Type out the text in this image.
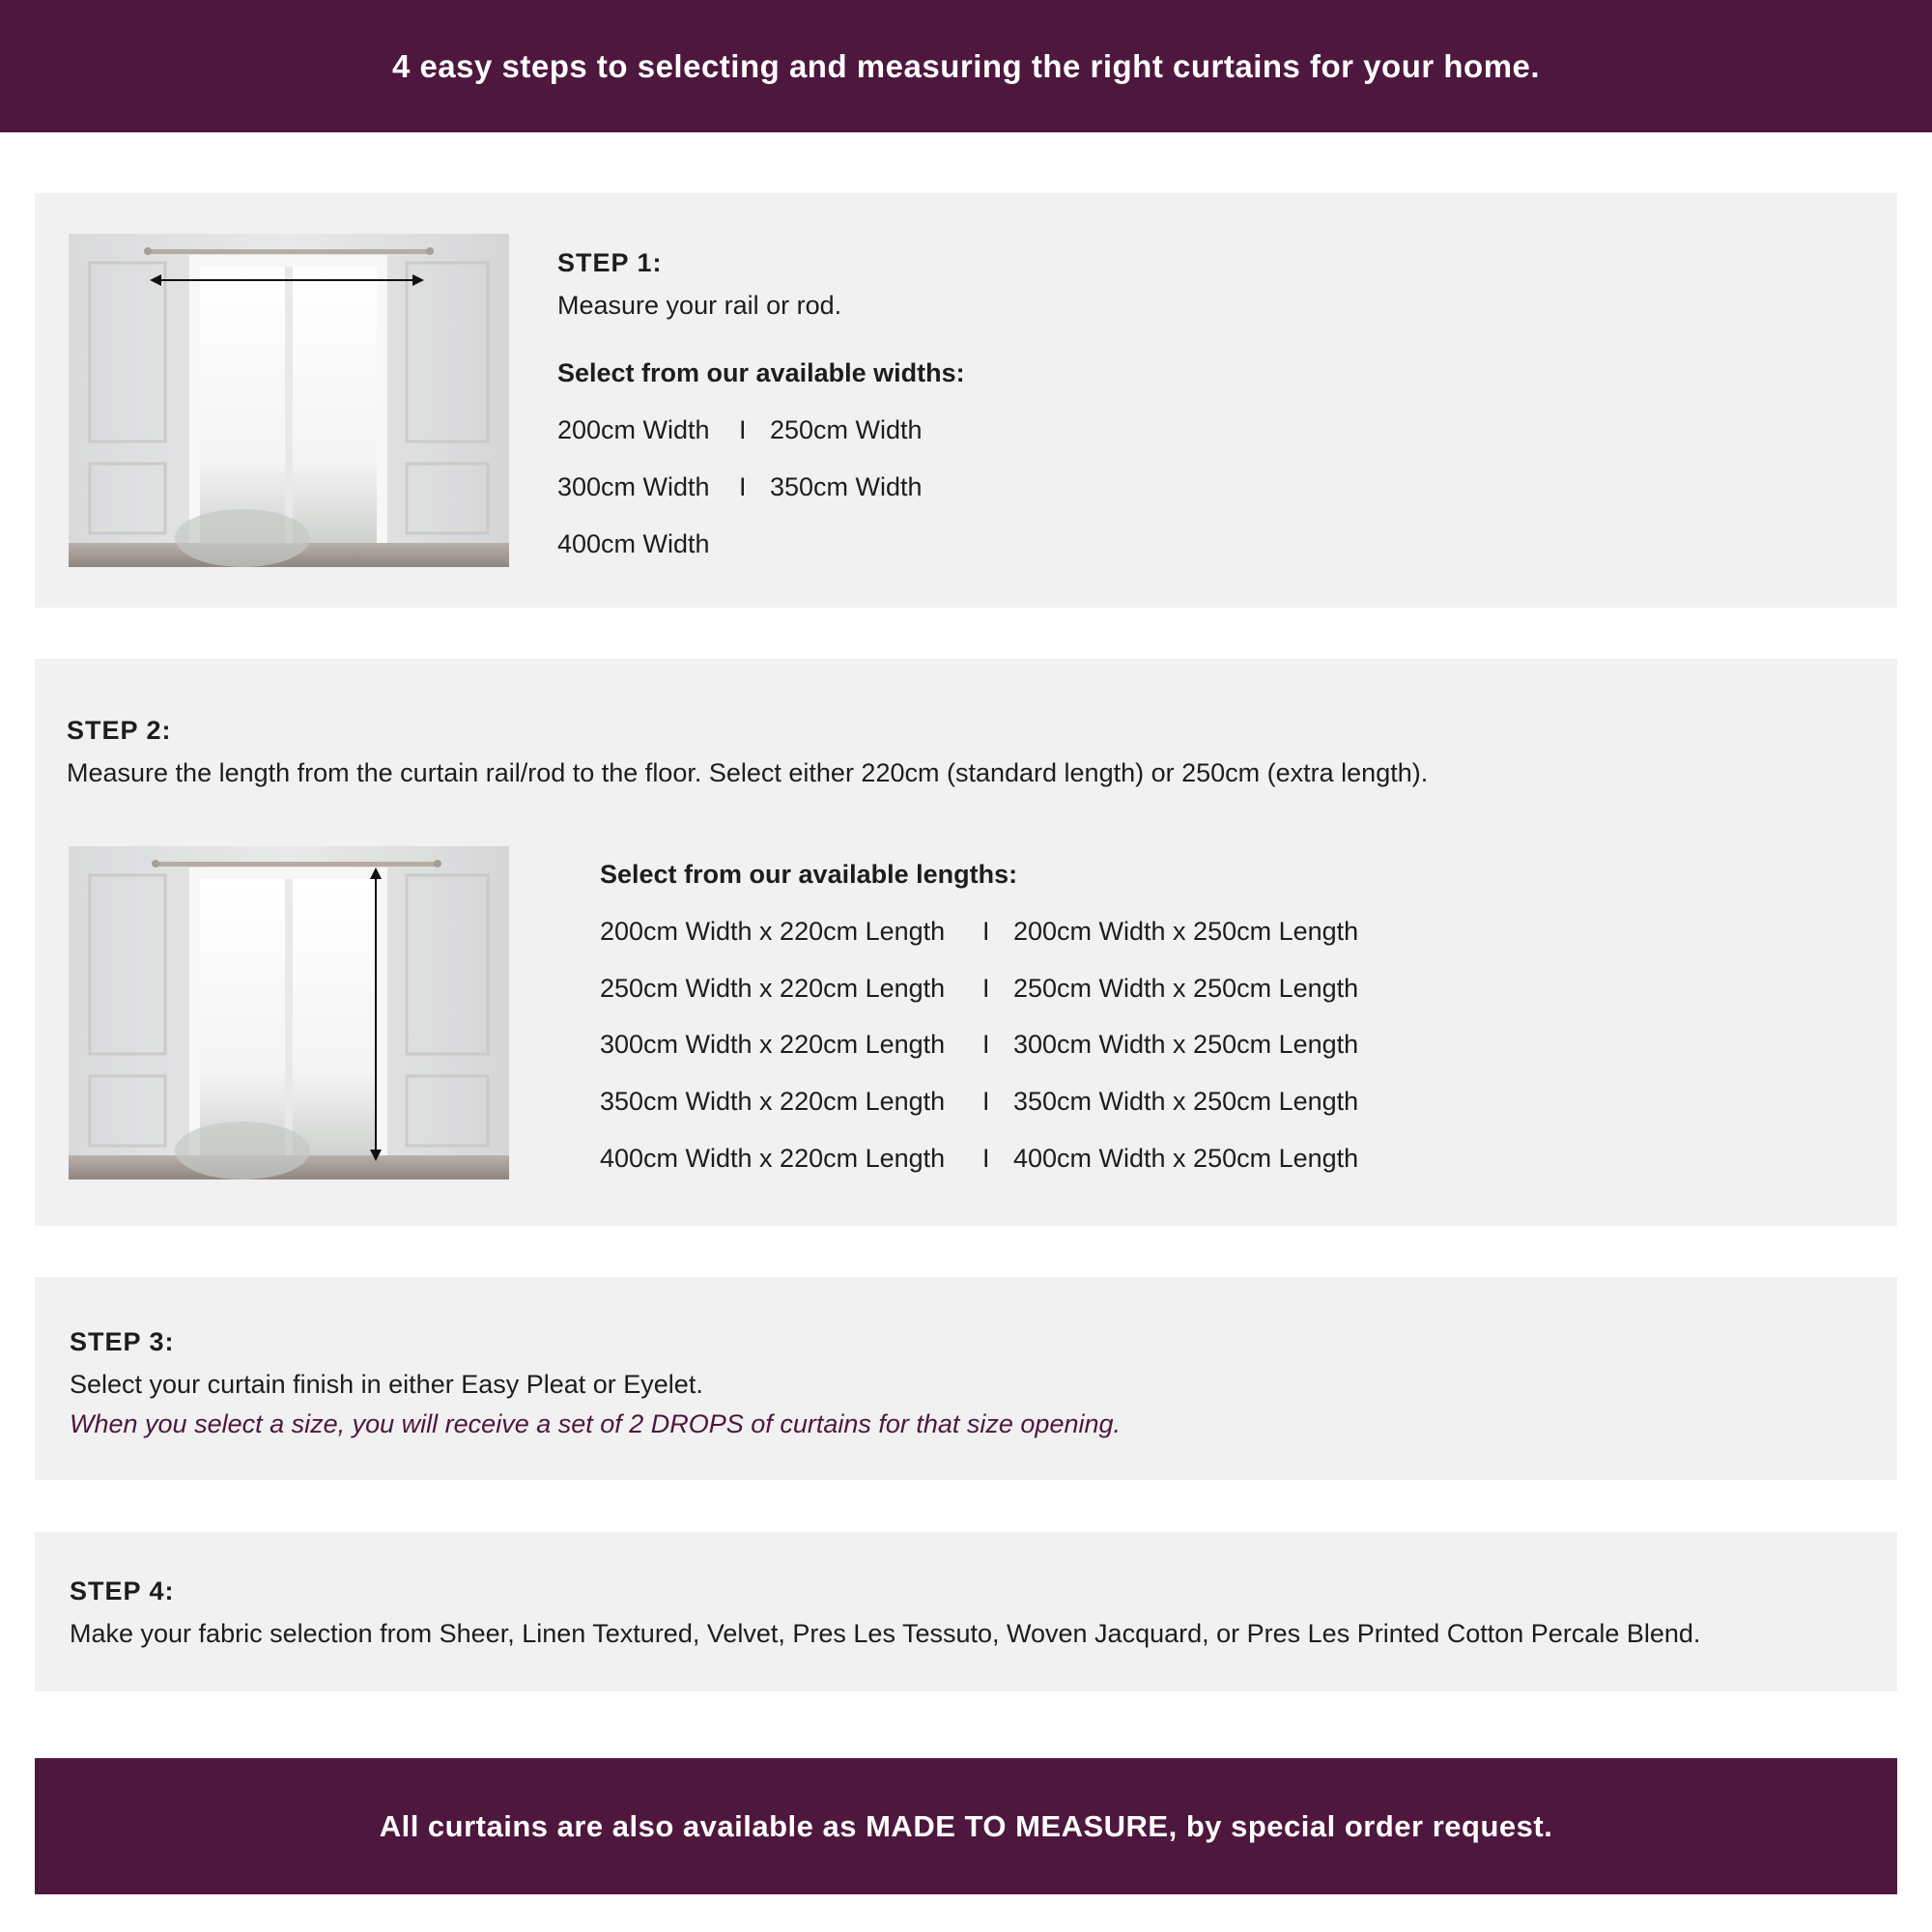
4 easy steps to selecting and measuring the right curtains for your home.
STEP 1:
Measure your rail or rod.
Select from our available widths:
200cm Width I 250cm Width
300cm Width I 350cm Width
400cm Width
STEP 2:
Measure the length from the curtain rail/rod to the floor. Select either 220cm (standard length) or 250cm (extra length).
Select from our available lengths:
200cm Width x 220cm Length I 200cm Width x 250cm Length
250cm Width x 220cm Length I 250cm Width x 250cm Length
300cm Width x 220cm Length I 300cm Width x 250cm Length
350cm Width x 220cm Length I 350cm Width x 250cm Length
400cm Width x 220cm Length I 400cm Width x 250cm Length
STEP 3:
Select your curtain finish in either Easy Pleat or Eyelet.
When you select a size, you will receive a set of 2 DROPS of curtains for that size opening.
STEP 4:
Make your fabric selection from Sheer, Linen Textured, Velvet, Pres Les Tessuto, Woven Jacquard, or Pres Les Printed Cotton Percale Blend.
All curtains are also available as MADE TO MEASURE, by special order request.
